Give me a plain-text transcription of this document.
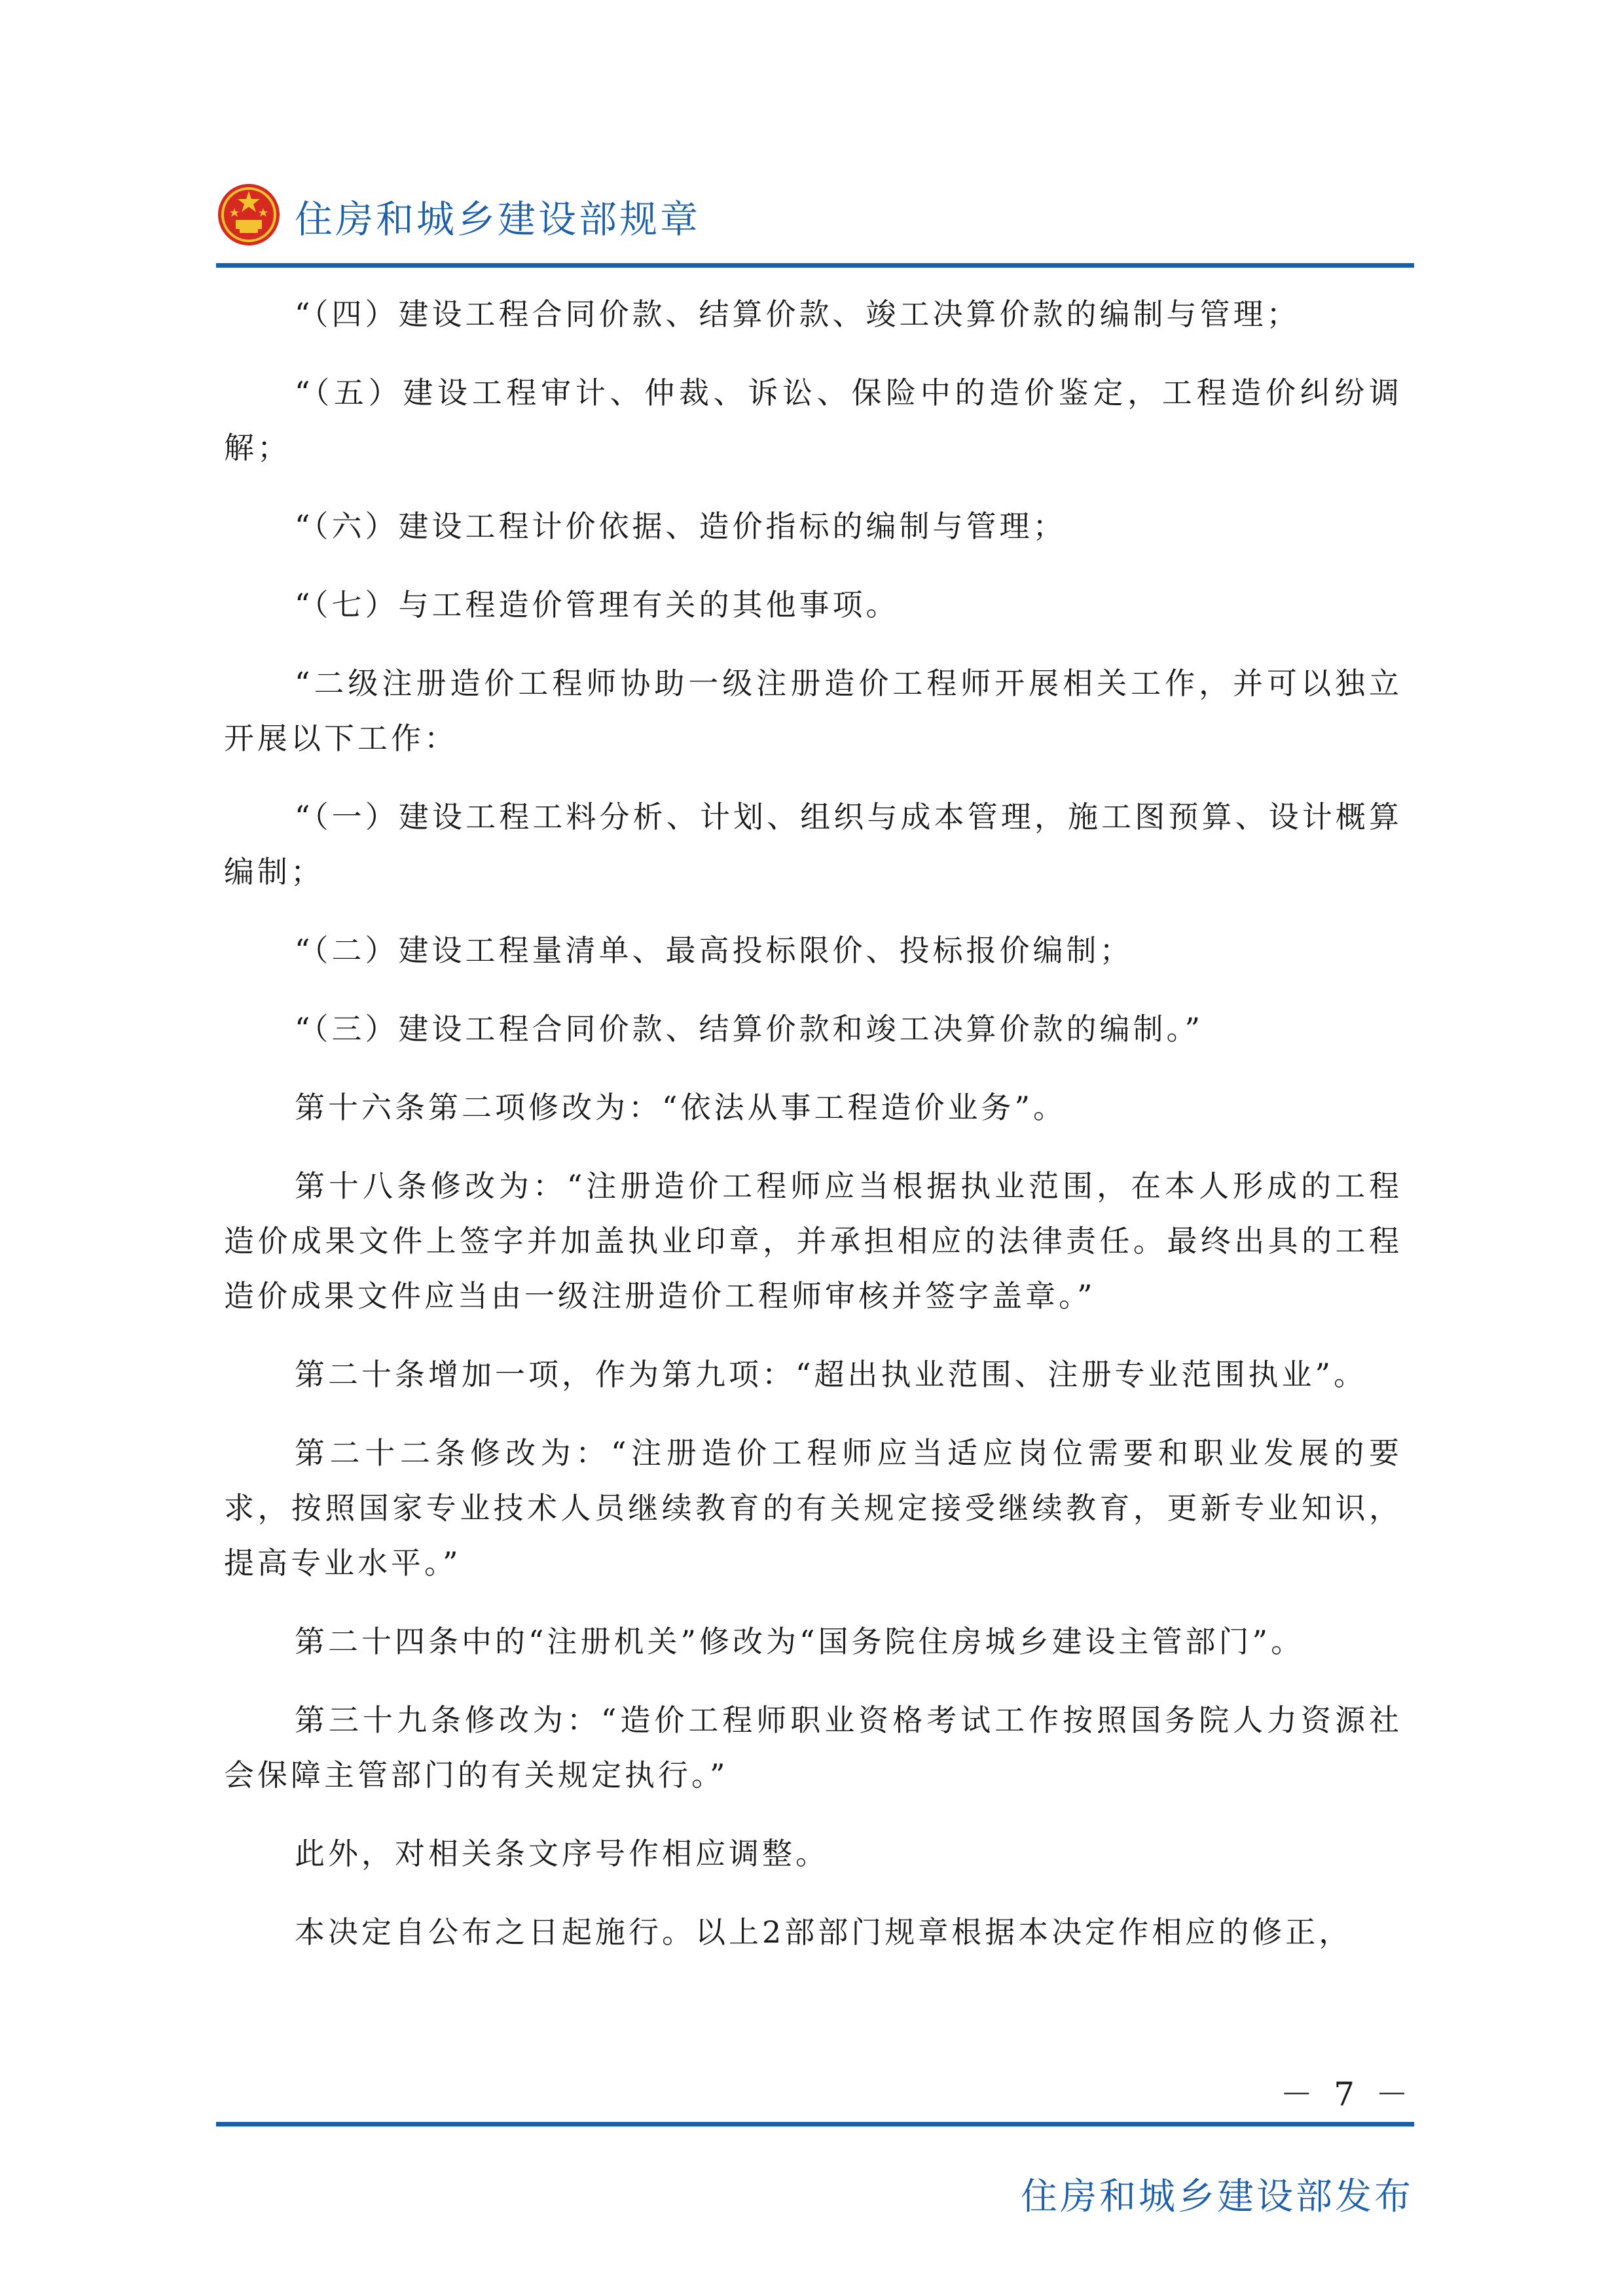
住房和城乡建设部规章

“（四）建设工程合同价款、结算价款、竣工决算价款的编制与管理；

“（五）建设工程审计、仲裁、诉讼、保险中的造价鉴定，工程造价纠纷调解；

“（六）建设工程计价依据、造价指标的编制与管理；

“（七）与工程造价管理有关的其他事项。

“二级注册造价工程师协助一级注册造价工程师开展相关工作，并可以独立开展以下工作：

“（一）建设工程工料分析、计划、组织与成本管理，施工图预算、设计概算编制；

“（二）建设工程量清单、最高投标限价、投标报价编制；

“（三）建设工程合同价款、结算价款和竣工决算价款的编制。”

第十六条第二项修改为：“依法从事工程造价业务”。

第十八条修改为：“注册造价工程师应当根据执业范围，在本人形成的工程造价成果文件上签字并加盖执业印章，并承担相应的法律责任。最终出具的工程造价成果文件应当由一级注册造价工程师审核并签字盖章。”

第二十条增加一项，作为第九项：“超出执业范围、注册专业范围执业”。

第二十二条修改为：“注册造价工程师应当适应岗位需要和职业发展的要求，按照国家专业技术人员继续教育的有关规定接受继续教育，更新专业知识，提高专业水平。”

第二十四条中的“注册机关”修改为“国务院住房城乡建设主管部门”。

第三十九条修改为：“造价工程师职业资格考试工作按照国务院人力资源社会保障主管部门的有关规定执行。”

此外，对相关条文序号作相应调整。

本决定自公布之日起施行。以上2部部门规章根据本决定作相应的修正，

－ 7 －
住房和城乡建设部发布
